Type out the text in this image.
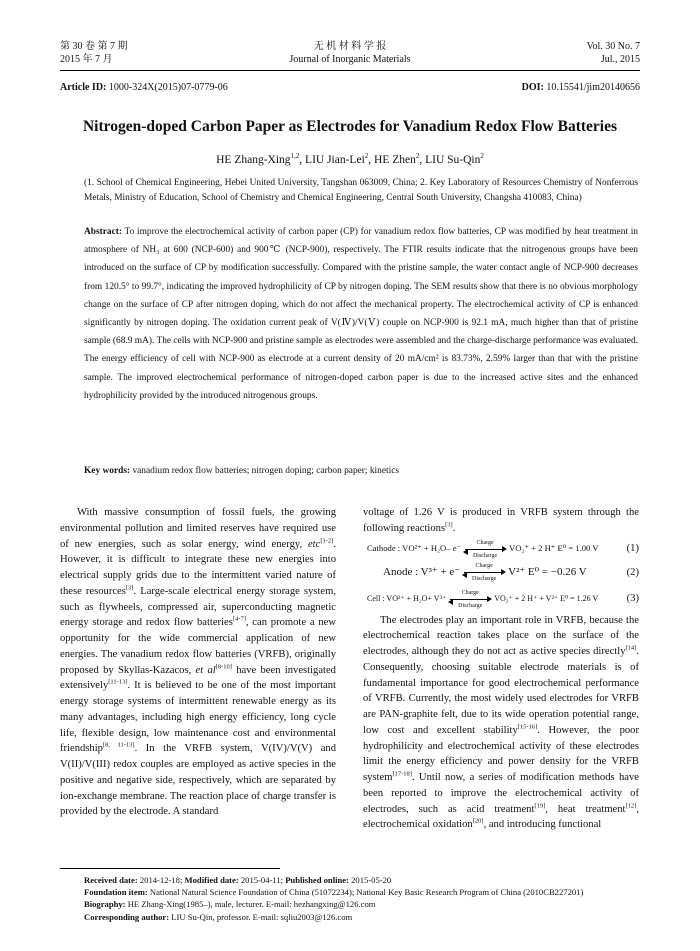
第 30 卷 第 7 期
2015 年 7 月
无 机 材 料 学 报
Journal of Inorganic Materials
Vol. 30 No. 7
Jul., 2015
Article ID: 1000-324X(2015)07-0779-06	DOI: 10.15541/jim20140656
Nitrogen-doped Carbon Paper as Electrodes for Vanadium Redox Flow Batteries
HE Zhang-Xing$^{1,2}$, LIU Jian-Lei$^2$, HE Zhen$^2$, LIU Su-Qin$^2$
(1. School of Chemical Engineering, Hebei United University, Tangshan 063009, China; 2. Key Laboratory of Resources Chemistry of Nonferrous Metals, Ministry of Education, School of Chemistry and Chemical Engineering, Central South University, Changsha 410083, China)
Abstract: To improve the electrochemical activity of carbon paper (CP) for vanadium redox flow batteries, CP was modified by heat treatment in atmosphere of NH₃ at 600 (NCP-600) and 900℃ (NCP-900), respectively. The FTIR results indicate that the nitrogenous groups have been introduced on the surface of CP by modification successfully. Compared with the pristine sample, the water contact angle of NCP-900 decreases from 120.5° to 99.7°, indicating the improved hydrophilicity of CP by nitrogen doping. The SEM results show that there is no obvious morphology change on the surface of CP after nitrogen doping, which do not affect the mechanical property. The electrochemical activity of CP is enhanced significantly by nitrogen doping. The oxidation current peak of V(Ⅳ)/V(Ⅴ) couple on NCP-900 is 92.1 mA, much higher than that of pristine sample (68.9 mA). The cells with NCP-900 and pristine sample as electrodes were assembled and the charge-discharge performance was evaluated. The energy efficiency of cell with NCP-900 as electrode at a current density of 20 mA/cm² is 83.73%, 2.59% larger than that with the pristine sample. The improved electrochemical performance of nitrogen-doped carbon paper is due to the increased active sites and the enhanced hydrophilicity provided by the introduced nitrogenous groups.
Key words: vanadium redox flow batteries; nitrogen doping; carbon paper; kinetics

With massive consumption of fossil fuels, the growing environmental pollution and limited reserves have required use of new energies, such as solar energy, wind energy, etc[1-2]. However, it is difficult to integrate these new energies into electrical supply grids due to the intermittent varied nature of these resources[3]. Large-scale electrical energy storage system, such as flywheels, compressed air, superconducting magnetic energy storage and redox flow batteries[4-7], can promote a new opportunity for the wide commercial application of new energies. The vanadium redox flow batteries (VRFB), originally proposed by Skyllas-Kazacos, et al[8-10] have been investigated extensively[11-13]. It is believed to be one of the most important energy storage systems of intermittent renewable energy as its many advantages, including high energy efficiency, long cycle life, flexible design, low maintenance cost and environmental friendship[8, 11-13]. In the VRFB system, V(IV)/V(V) and V(II)/V(III) redox couples are employed as active species in the positive and negative side, respectively, which are separated by ion-exchange membrane. The reaction place of charge transfer is provided by the electrode. A standard

voltage of 1.26 V is produced in VRFB system through the following reactions[3].

Cathode : VO²⁺ + H₂O– e⁻	Charge
Discharge
VO₂⁺ + 2 H⁺ E⁰ = 1.00 V	(1)
Anode : V³⁺ + e⁻	Charge
Discharge
V²⁺ E⁰ = −0.26 V	(2)
Cell : VO²⁺ + H₂O+ V³⁺
Charge
Discharge
VO₂⁺ + 2 H⁺ + V²⁺ E⁰ = 1.26 V	(3)

The electrodes play an important role in VRFB, because the electrochemical reaction takes place on the surface of the electrodes, although they do not act as active species directly[14]. Consequently, choosing suitable electrode materials is of fundamental importance for good electrochemical performance of VRFB. Currently, the most widely used electrodes for VRFB are PAN-graphite felt, due to its wide operation potential range, low cost and excellent stability[15-16]. However, the poor hydrophilicity and electrochemical activity of these electrodes limit the energy efficiency and power density for the VRFB system[17-18]. Until now, a series of modification methods have been reported to improve the electrochemical activity of electrodes, such as acid treatment[19], heat treatment[12], electrochemical oxidation[20], and introducing functional

Received date: 2014-12-18; Modified date: 2015-04-11; Published online: 2015-05-20
Foundation item: National Natural Science Foundation of China (51072234); National Key Basic Research Program of China (2010CB227201)
Biography: HE Zhang-Xing(1985–), male, lecturer. E-mail: hezhangxing@126.com
Corresponding author: LIU Su-Qin, professor. E-mail: sqliu2003@126.com
